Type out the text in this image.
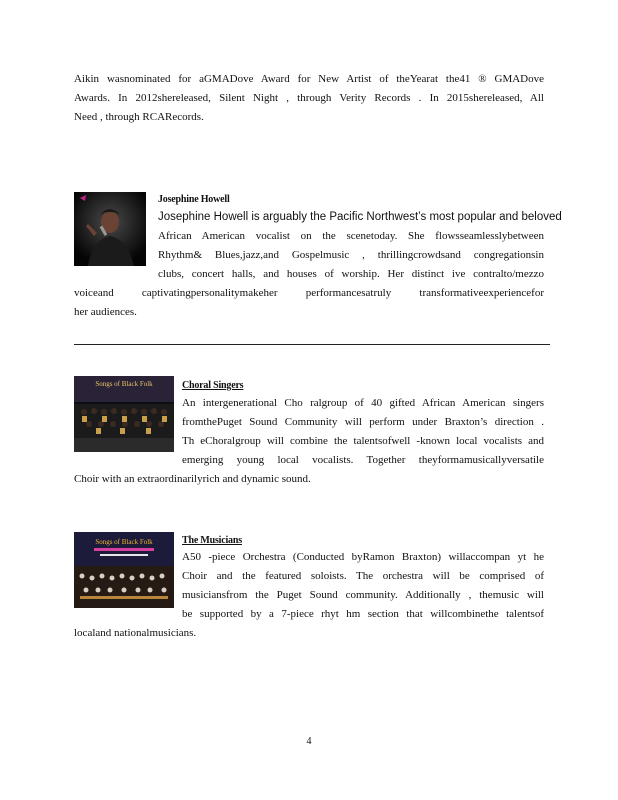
Aikin wasnominated for aGMADove Award for New Artist of theYearat the41 ® GMADove
Awards. In 2012shereleased, Silent Night , through Verity Records . In 2015shereleased, All
Need , through RCARecords.
Josephine Howell
Josephine Howell is arguably the Pacific Northwest’s most popular and beloved
African American vocalist on the scenetoday. She flowsseamlesslybetween
Rhythm& Blues,jazz,and Gospelmusic , thrillingcrowdsand congregationsin
clubs, concert halls, and houses of worship. Her distinct ive contralto/mezzo
voiceand captivatingpersonalitymakeher performancesatruly transformativeexperiencefor
her audiences.
Songs of Black Folk	Choral Singers
An intergenerational Cho ralgroup of 40 gifted African American singers
fromthePuget Sound Community will perform under Braxton’s direction .
Th eChoralgroup will combine the talentsofwell -known local vocalists and
emerging young local vocalists. Together theyformamusicallyversatile
Choir with an extraordinarilyrich and dynamic sound.
Songs of Black Folk	The Musicians
A50 -piece Orchestra (Conducted byRamon Braxton) willaccompan yt he
Choir and the featured soloists. The orchestra will be comprised of
musiciansfrom the Puget Sound community. Additionally , themusic will
be supported by a 7-piece rhyt hm section that willcombinethe talentsof
localand nationalmusicians.
4
